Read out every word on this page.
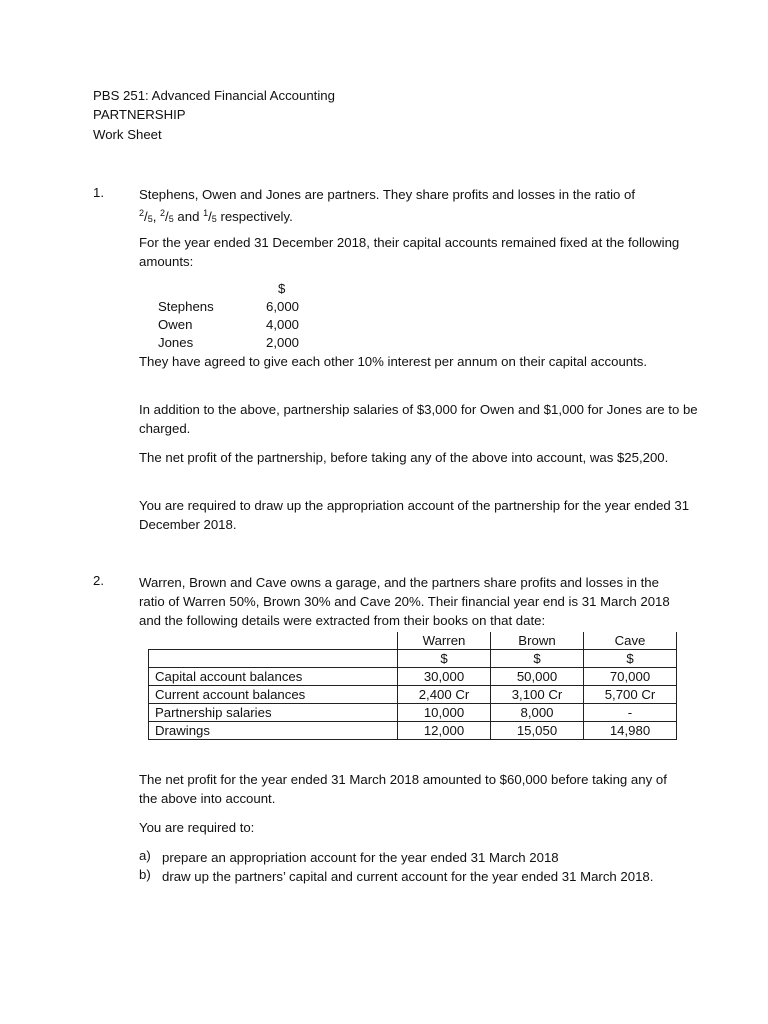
PBS 251: Advanced Financial Accounting
PARTNERSHIP
Work Sheet
1.	Stephens, Owen and Jones are partners. They share profits and losses in the ratio of
$^2/_5$, $^2/_5$ and $^1/_5$ respectively.
For the year ended 31 December 2018, their capital accounts remained fixed at the following amounts:
$
Stephens	6,000
Owen	4,000
Jones	2,000
They have agreed to give each other 10% interest per annum on their capital accounts.
In addition to the above, partnership salaries of $3,000 for Owen and $1,000 for Jones are to be charged.
The net profit of the partnership, before taking any of the above into account, was $25,200.
You are required to draw up the appropriation account of the partnership for the year ended 31 December 2018.
2.	Warren, Brown and Cave owns a garage, and the partners share profits and losses in the ratio of Warren 50%, Brown 30% and Cave 20%. Their financial year end is 31 March 2018 and the following details were extracted from their books on that date:
	Warren	Brown	Cave
	$	$	$
Capital account balances	30,000	50,000	70,000
Current account balances	2,400 Cr	3,100 Cr	5,700 Cr
Partnership salaries	10,000	8,000	-
Drawings	12,000	15,050	14,980
The net profit for the year ended 31 March 2018 amounted to $60,000 before taking any of the above into account.
You are required to:
a) prepare an appropriation account for the year ended 31 March 2018
b) draw up the partners’ capital and current account for the year ended 31 March 2018.
